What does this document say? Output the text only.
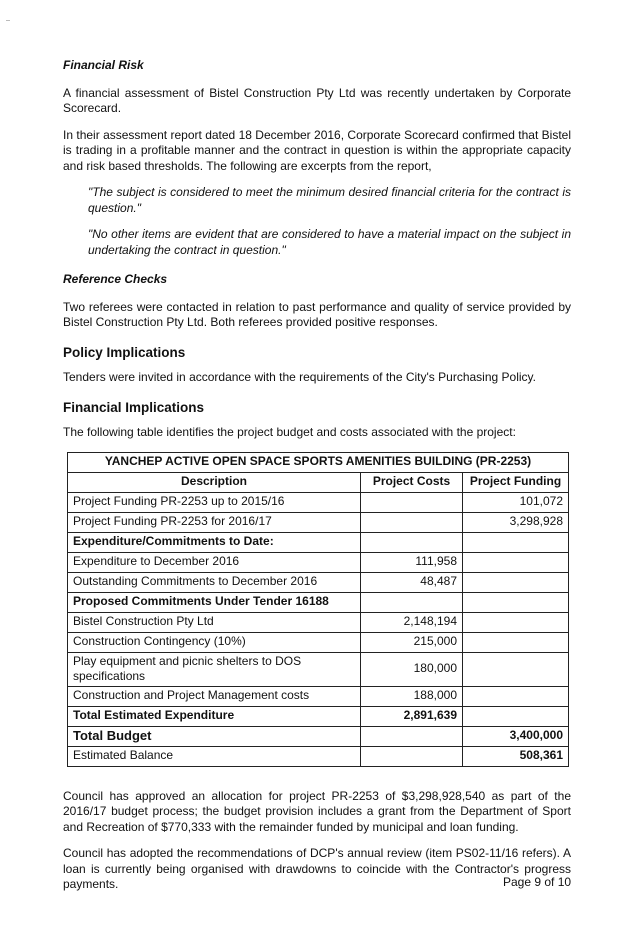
Financial Risk

A financial assessment of Bistel Construction Pty Ltd was recently undertaken by Corporate Scorecard.

In their assessment report dated 18 December 2016, Corporate Scorecard confirmed that Bistel is trading in a profitable manner and the contract in question is within the appropriate capacity and risk based thresholds. The following are excerpts from the report,

"The subject is considered to meet the minimum desired financial criteria for the contract is question."
"No other items are evident that are considered to have a material impact on the subject in undertaking the contract in question."
Reference Checks

Two referees were contacted in relation to past performance and quality of service provided by Bistel Construction Pty Ltd. Both referees provided positive responses.

Policy Implications

Tenders were invited in accordance with the requirements of the City's Purchasing Policy.

Financial Implications

The following table identifies the project budget and costs associated with the project:

YANCHEP ACTIVE OPEN SPACE SPORTS AMENITIES BUILDING (PR-2253)		
Description	Project Costs	Project Funding
Project Funding PR-2253 up to 2015/16		101,072
Project Funding PR-2253 for 2016/17		3,298,928
Expenditure/Commitments to Date:		
Expenditure to December 2016	111,958	
Outstanding Commitments to December 2016	48,487	
Proposed Commitments Under Tender 16188		
Bistel Construction Pty Ltd	2,148,194	
Construction Contingency (10%)	215,000	
Play equipment and picnic shelters to DOS specifications	180,000	
Construction and Project Management costs	188,000	
Total Estimated Expenditure	2,891,639	
Total Budget		3,400,000
Estimated Balance		508,361

Council has approved an allocation for project PR-2253 of $3,298,928,540 as part of the 2016/17 budget process; the budget provision includes a grant from the Department of Sport and Recreation of $770,333 with the remainder funded by municipal and loan funding.

Council has adopted the recommendations of DCP's annual review (item PS02-11/16 refers). A loan is currently being organised with drawdowns to coincide with the Contractor's progress payments.	Page 9 of 10
